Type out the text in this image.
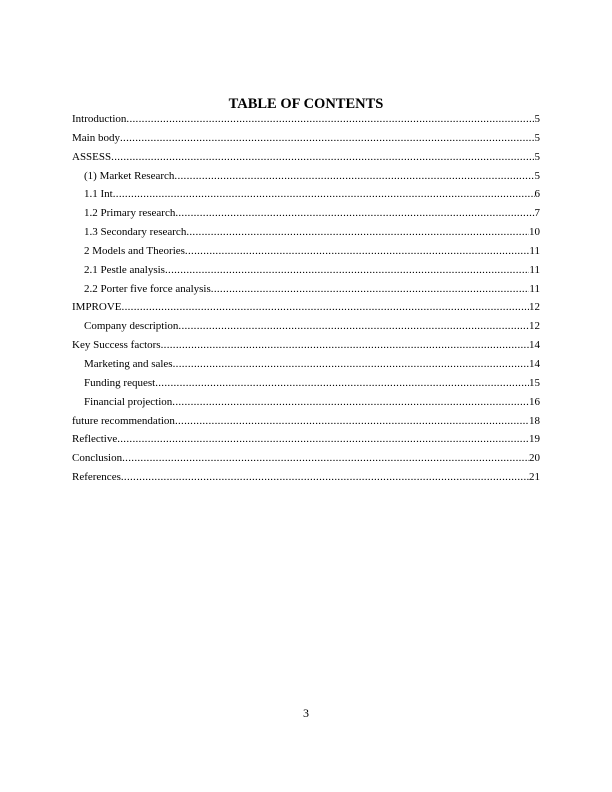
TABLE OF CONTENTS
Introduction .....	5
Main body .....	5
ASSESS .....	5
(1) Market Research .....	5
1.1 Int .....	6
1.2 Primary research .....	7
1.3 Secondary research .....	10
2 Models and Theories .....	11
2.1 Pestle analysis .....	11
2.2 Porter five force analysis .....	11
IMPROVE .....	12
Company description .....	12
Key Success factors .....	14
Marketing and sales .....	14
Funding request .....	15
Financial projection .....	16
future recommendation .....	18
Reflective .....	19
Conclusion .....	20
References .....	21
3
